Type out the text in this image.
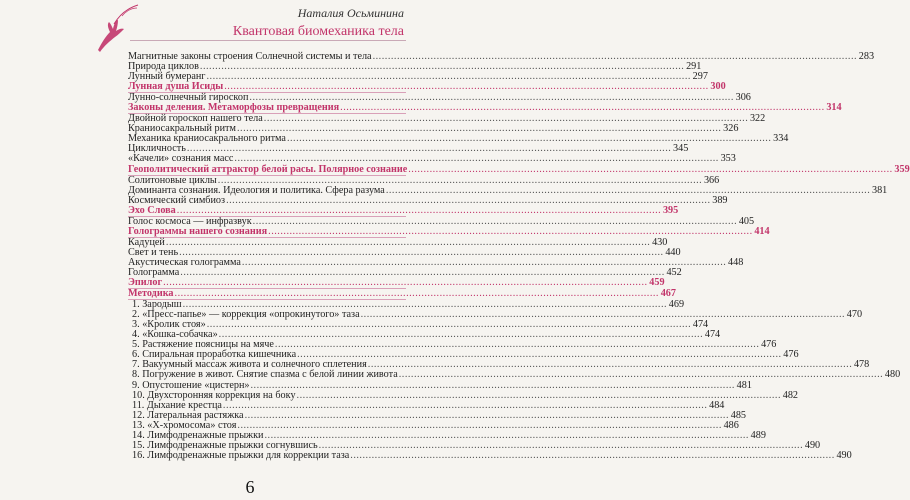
Наталия Осьминина
Квантовая биомеханика тела
Магнитные законы строения Солнечной системы и тела .....	283
Природа циклов .....	291
Лунный бумеранг .....	297
Лунная душа Исиды .....	300
Лунно-солнечный гироскоп .....	306
Законы деления. Метаморфозы превращения .....	314
Двойной гороскоп нашего тела .....	322
Краниосакральный ритм .....	326
Механика краниосакрального ритма .....	334
Цикличность .....	345
«Качели» сознания масс .....	353
Геополитический аттрактор белой расы. Полярное сознание .....	359
Солитоновые циклы .....	366
Доминанта сознания. Идеология и политика. Сфера разума .....	381
Космический симбиоз .....	389
Эхо Слова .....	395
Голос космоса — инфразвук .....	405
Голограммы нашего сознания .....	414
Кадуцей .....	430
Свет и тень .....	440
Акустическая голограмма .....	448
Голограмма .....	452
Эпилог .....	459
Методика .....	467
1. Зародыш .....	469
2. «Пресс-папье» — коррекция «опрокинутого» таза .....	470
3. «Кролик стоя» .....	474
4. «Кошка-собачка» .....	474
5. Растяжение поясницы на мяче .....	476
6. Спиральная проработка кишечника .....	476
7. Вакуумный массаж живота и солнечного сплетения .....	478
8. Погружение в живот. Снятие спазма с белой линии живота .....	480
9. Опустошение «цистерн» .....	481
10. Двухсторонняя коррекция на боку .....	482
11. Дыхание крестца .....	484
12. Латеральная растяжка .....	485
13. «Х-хромосома» стоя .....	486
14. Лимфодренажные прыжки .....	489
15. Лимфодренажные прыжки согнувшись .....	490
16. Лимфодренажные прыжки для коррекции таза .....	490
6
